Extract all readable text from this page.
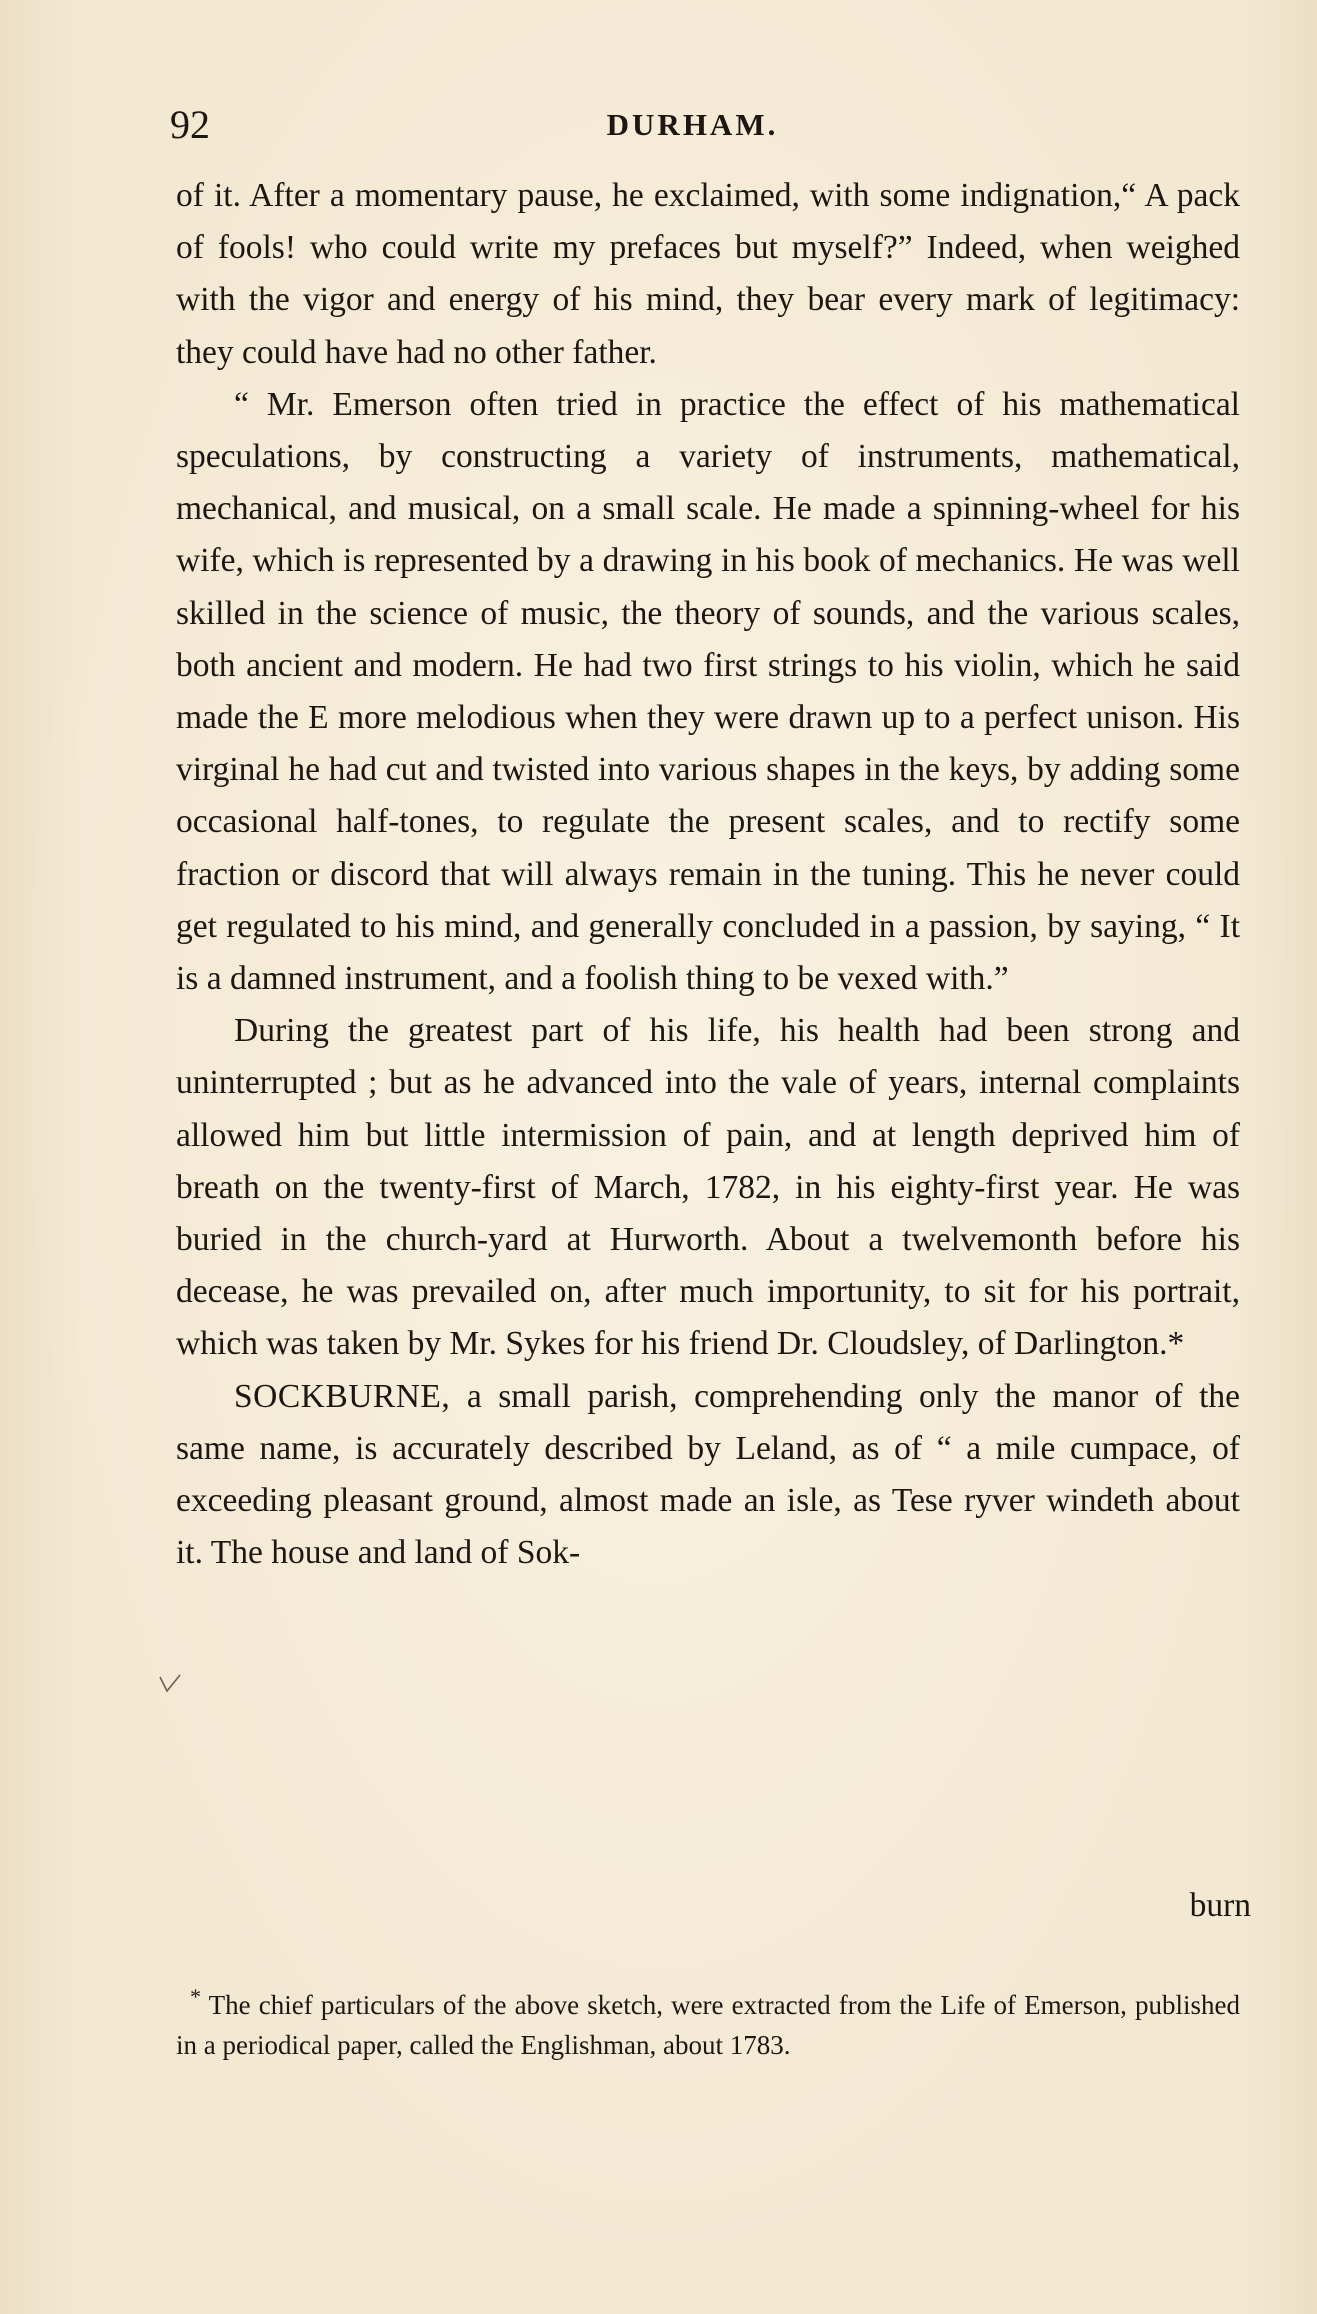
92	DURHAM.

of it. After a momentary pause, he exclaimed, with some indignation,“ A pack of fools! who could write my prefaces but myself?” Indeed, when weighed with the vigor and energy of his mind, they bear every mark of legitimacy: they could have had no other father.

“ Mr. Emerson often tried in practice the effect of his mathematical speculations, by constructing a variety of instruments, mathematical, mechanical, and musical, on a small scale. He made a spinning-wheel for his wife, which is represented by a drawing in his book of mechanics. He was well skilled in the science of music, the theory of sounds, and the various scales, both ancient and modern. He had two first strings to his violin, which he said made the E more melodious when they were drawn up to a perfect unison. His virginal he had cut and twisted into various shapes in the keys, by adding some occasional half-tones, to regulate the present scales, and to rectify some fraction or discord that will always remain in the tuning. This he never could get regulated to his mind, and generally concluded in a passion, by saying, “ It is a damned instrument, and a foolish thing to be vexed with.”

During the greatest part of his life, his health had been strong and uninterrupted ; but as he advanced into the vale of years, internal complaints allowed him but little intermission of pain, and at length deprived him of breath on the twenty-first of March, 1782, in his eighty-first year. He was buried in the church-yard at Hurworth. About a twelvemonth before his decease, he was prevailed on, after much importunity, to sit for his portrait, which was taken by Mr. Sykes for his friend Dr. Cloudsley, of Darlington.*

SOCKBURNE, a small parish, comprehending only the manor of the same name, is accurately described by Leland, as of “ a mile cumpace, of exceeding pleasant ground, almost made an isle, as Tese ryver windeth about it. The house and land of Sok-

burn

* The chief particulars of the above sketch, were extracted from the Life of Emerson, published in a periodical paper, called the Englishman, about 1783.
